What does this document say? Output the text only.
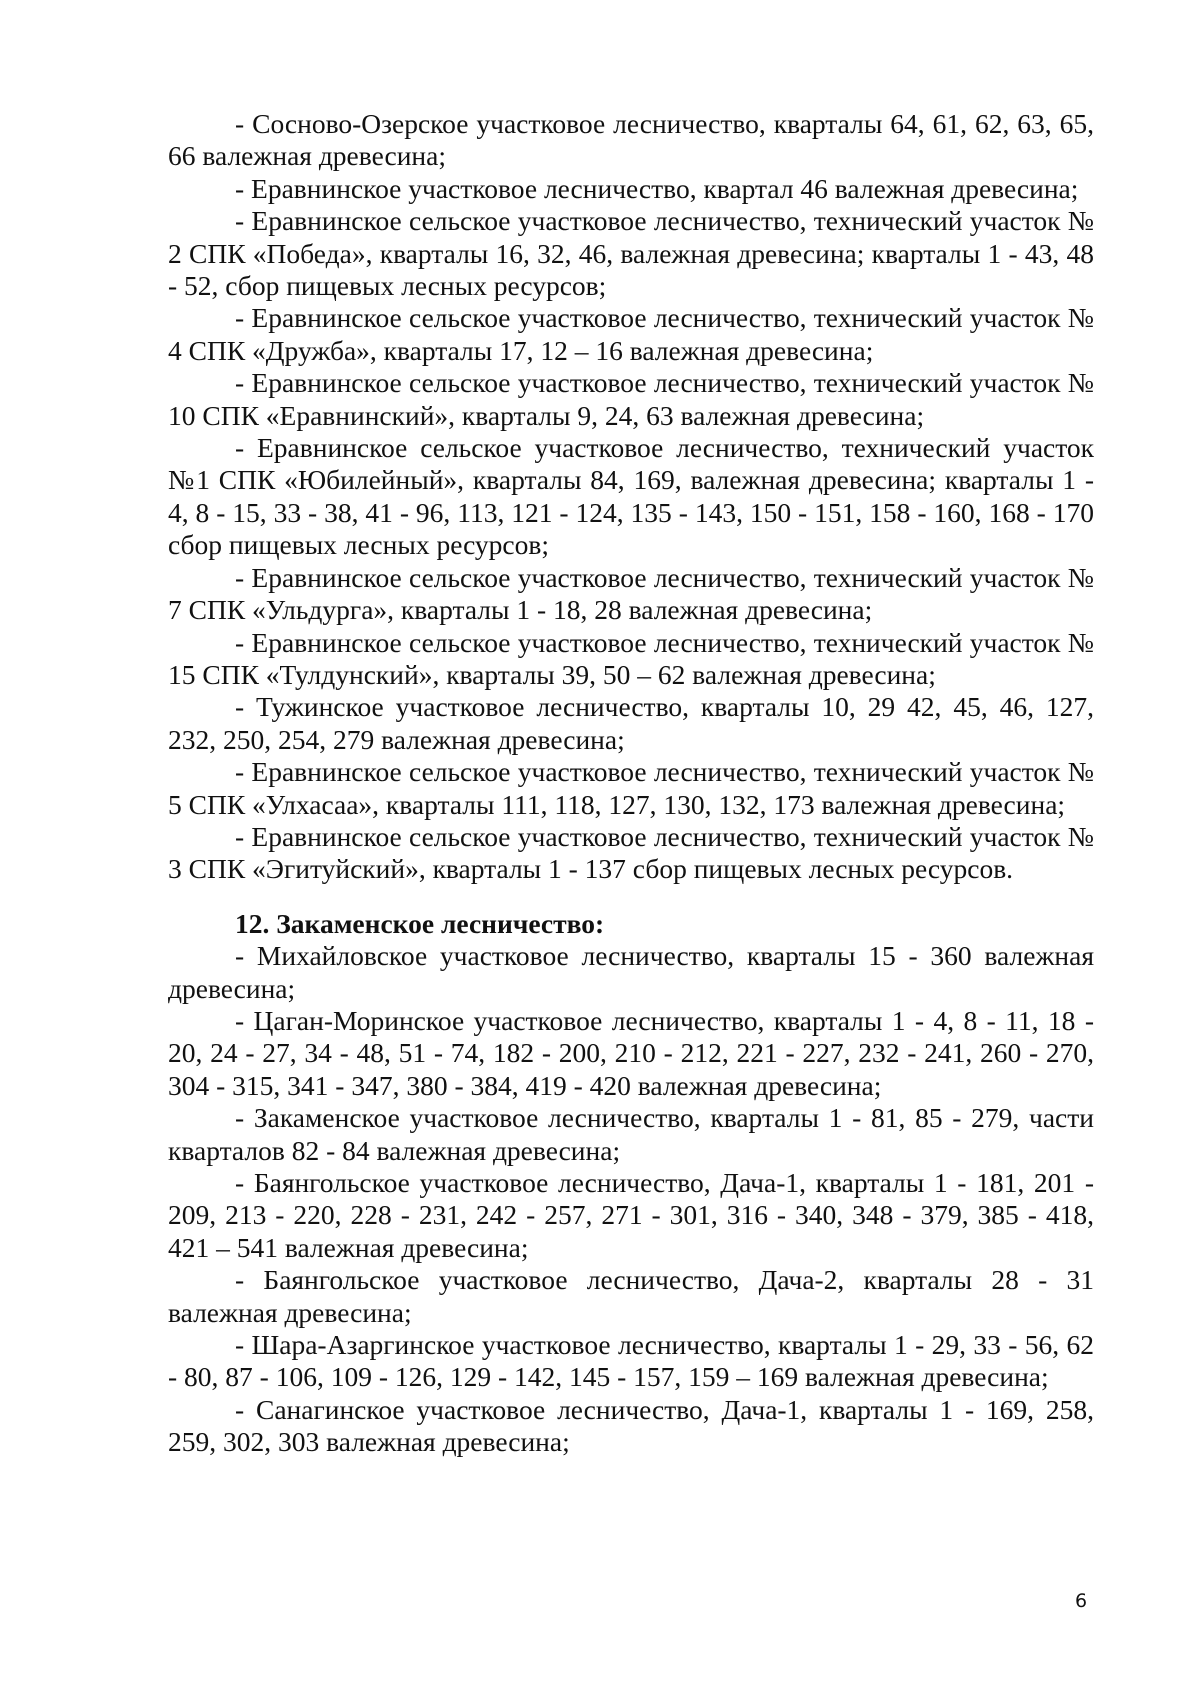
- Сосново-Озерское участковое лесничество, кварталы 64, 61, 62, 63, 65, 66 валежная древесина;

- Еравнинское участковое лесничество, квартал 46 валежная древесина;

- Еравнинское сельское участковое лесничество, технический участок № 2 СПК «Победа», кварталы 16, 32, 46, валежная древесина; кварталы 1 - 43, 48 - 52, сбор пищевых лесных ресурсов;

- Еравнинское сельское участковое лесничество, технический участок № 4 СПК «Дружба», кварталы 17, 12 – 16 валежная древесина;

- Еравнинское сельское участковое лесничество, технический участок № 10 СПК «Еравнинский», кварталы 9, 24, 63 валежная древесина;

- Еравнинское сельское участковое лесничество, технический участок №1 СПК «Юбилейный», кварталы 84, 169, валежная древесина; кварталы 1 - 4, 8 - 15, 33 - 38, 41 - 96, 113, 121 - 124, 135 - 143, 150 - 151, 158 - 160, 168 - 170 сбор пищевых лесных ресурсов;

- Еравнинское сельское участковое лесничество, технический участок № 7 СПК «Ульдурга», кварталы 1 - 18, 28 валежная древесина;

- Еравнинское сельское участковое лесничество, технический участок № 15 СПК «Тулдунский», кварталы 39, 50 – 62 валежная древесина;

- Тужинское участковое лесничество, кварталы 10, 29 42, 45, 46, 127, 232, 250, 254, 279 валежная древесина;

- Еравнинское сельское участковое лесничество, технический участок № 5 СПК «Улхасаа», кварталы 111, 118, 127, 130, 132, 173 валежная древесина;

- Еравнинское сельское участковое лесничество, технический участок № 3 СПК «Эгитуйский», кварталы 1 - 137 сбор пищевых лесных ресурсов.

12. Закаменское лесничество:

- Михайловское участковое лесничество, кварталы 15 - 360 валежная древесина;

- Цаган-Моринское участковое лесничество, кварталы 1 - 4, 8 - 11, 18 - 20, 24 - 27, 34 - 48, 51 - 74, 182 - 200, 210 - 212, 221 - 227, 232 - 241, 260 - 270, 304 - 315, 341 - 347, 380 - 384, 419 - 420 валежная древесина;

- Закаменское участковое лесничество, кварталы 1 - 81, 85 - 279, части кварталов 82 - 84 валежная древесина;

- Баянгольское участковое лесничество, Дача-1, кварталы 1 - 181, 201 - 209, 213 - 220, 228 - 231, 242 - 257, 271 - 301, 316 - 340, 348 - 379, 385 - 418, 421 – 541 валежная древесина;

- Баянгольское участковое лесничество, Дача-2, кварталы 28 - 31 валежная древесина;

- Шара-Азаргинское участковое лесничество, кварталы 1 - 29, 33 - 56, 62 - 80, 87 - 106, 109 - 126, 129 - 142, 145 - 157, 159 – 169 валежная древесина;

- Санагинское участковое лесничество, Дача-1, кварталы 1 - 169, 258, 259, 302, 303 валежная древесина;

6
